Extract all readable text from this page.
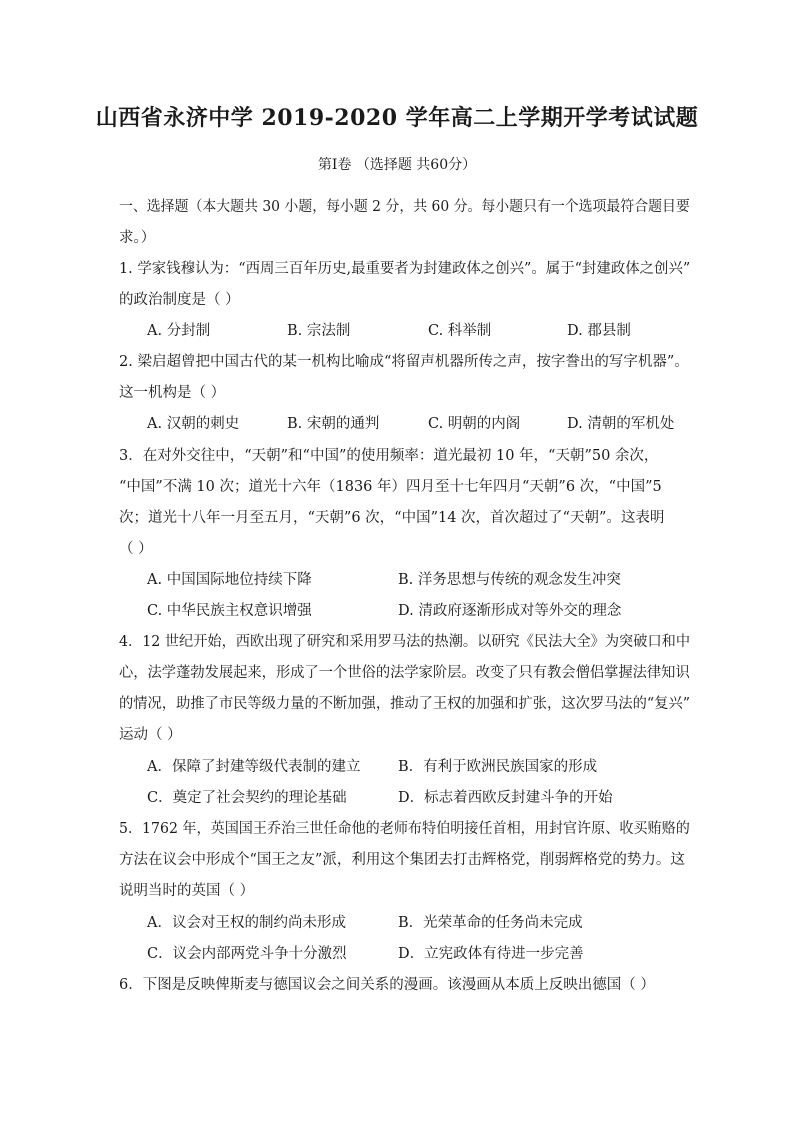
山西省永济中学 2019-2020 学年高二上学期开学考试试题
第Ⅰ卷 （选择题 共60分）
一、选择题（本大题共 30 小题，每小题 2 分，共 60 分。每小题只有一个选项最符合题目要
求。）
1. 学家钱穆认为：“西周三百年历史,最重要者为封建政体之创兴”。属于“封建政体之创兴”
的政治制度是（ ）
A. 分封制	B. 宗法制	C. 科举制	D. 郡县制
2. 梁启超曾把中国古代的某一机构比喻成“将留声机器所传之声，按字誊出的写字机器”。
这一机构是（ ）
A. 汉朝的刺史	B. 宋朝的通判	C. 明朝的内阁	D. 清朝的军机处
3．在对外交往中，“天朝”和“中国”的使用频率：道光最初 10 年，“天朝”50 余次，
“中国”不满 10 次；道光十六年（1836 年）四月至十七年四月“天朝”6 次，“中国”5
次；道光十八年一月至五月，“天朝”6 次，“中国”14 次，首次超过了“天朝”。这表明
（ ）
A. 中国国际地位持续下降	B. 洋务思想与传统的观念发生冲突
C. 中华民族主权意识增强	D. 清政府逐渐形成对等外交的理念
4．12 世纪开始，西欧出现了研究和采用罗马法的热潮。以研究《民法大全》为突破口和中
心，法学蓬勃发展起来，形成了一个世俗的法学家阶层。改变了只有教会僧侣掌握法律知识
的情况，助推了市民等级力量的不断加强，推动了王权的加强和扩张，这次罗马法的“复兴”
运动（ ）
A．保障了封建等级代表制的建立	B．有利于欧洲民族国家的形成
C．奠定了社会契约的理论基础	D．标志着西欧反封建斗争的开始
5．1762 年，英国国王乔治三世任命他的老师布特伯明接任首相，用封官许原、收买贿赂的
方法在议会中形成个“国王之友”派，利用这个集团去打击辉格党，削弱辉格党的势力。这
说明当时的英国（ ）
A．议会对王权的制约尚未形成	B．光荣革命的任务尚未完成
C．议会内部两党斗争十分激烈	D．立宪政体有待进一步完善
6．下图是反映俾斯麦与德国议会之间关系的漫画。该漫画从本质上反映出德国（ ）
